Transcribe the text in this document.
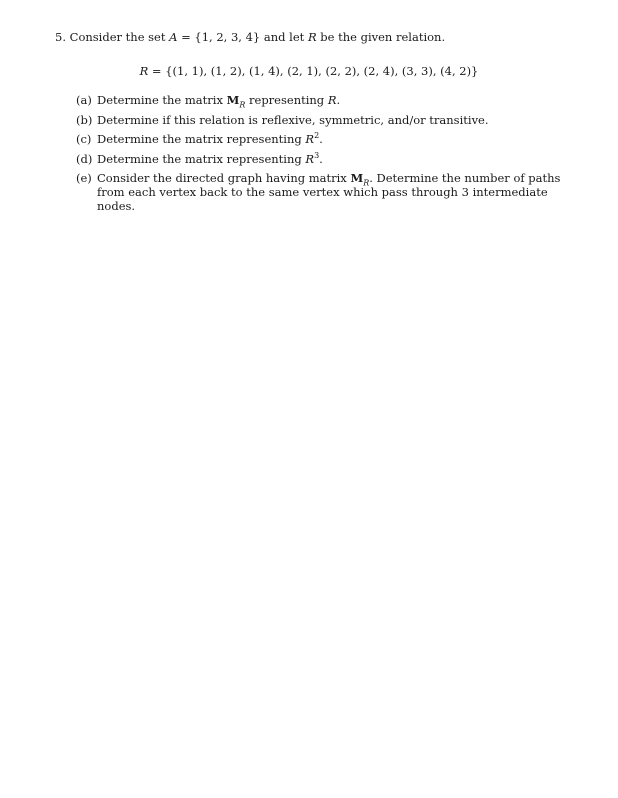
5. Consider the set A = {1, 2, 3, 4} and let R be the given relation.
R = {(1, 1), (1, 2), (1, 4), (2, 1), (2, 2), (2, 4), (3, 3), (4, 2)}
(a) Determine the matrix $M_R$ representing R.
(b) Determine if this relation is reflexive, symmetric, and/or transitive.
(c) Determine the matrix representing $R^2$.
(d) Determine the matrix representing $R^3$.
(e) Consider the directed graph having matrix $M_R$. Determine the number of paths from each vertex back to the same vertex which pass through 3 intermediate nodes.
